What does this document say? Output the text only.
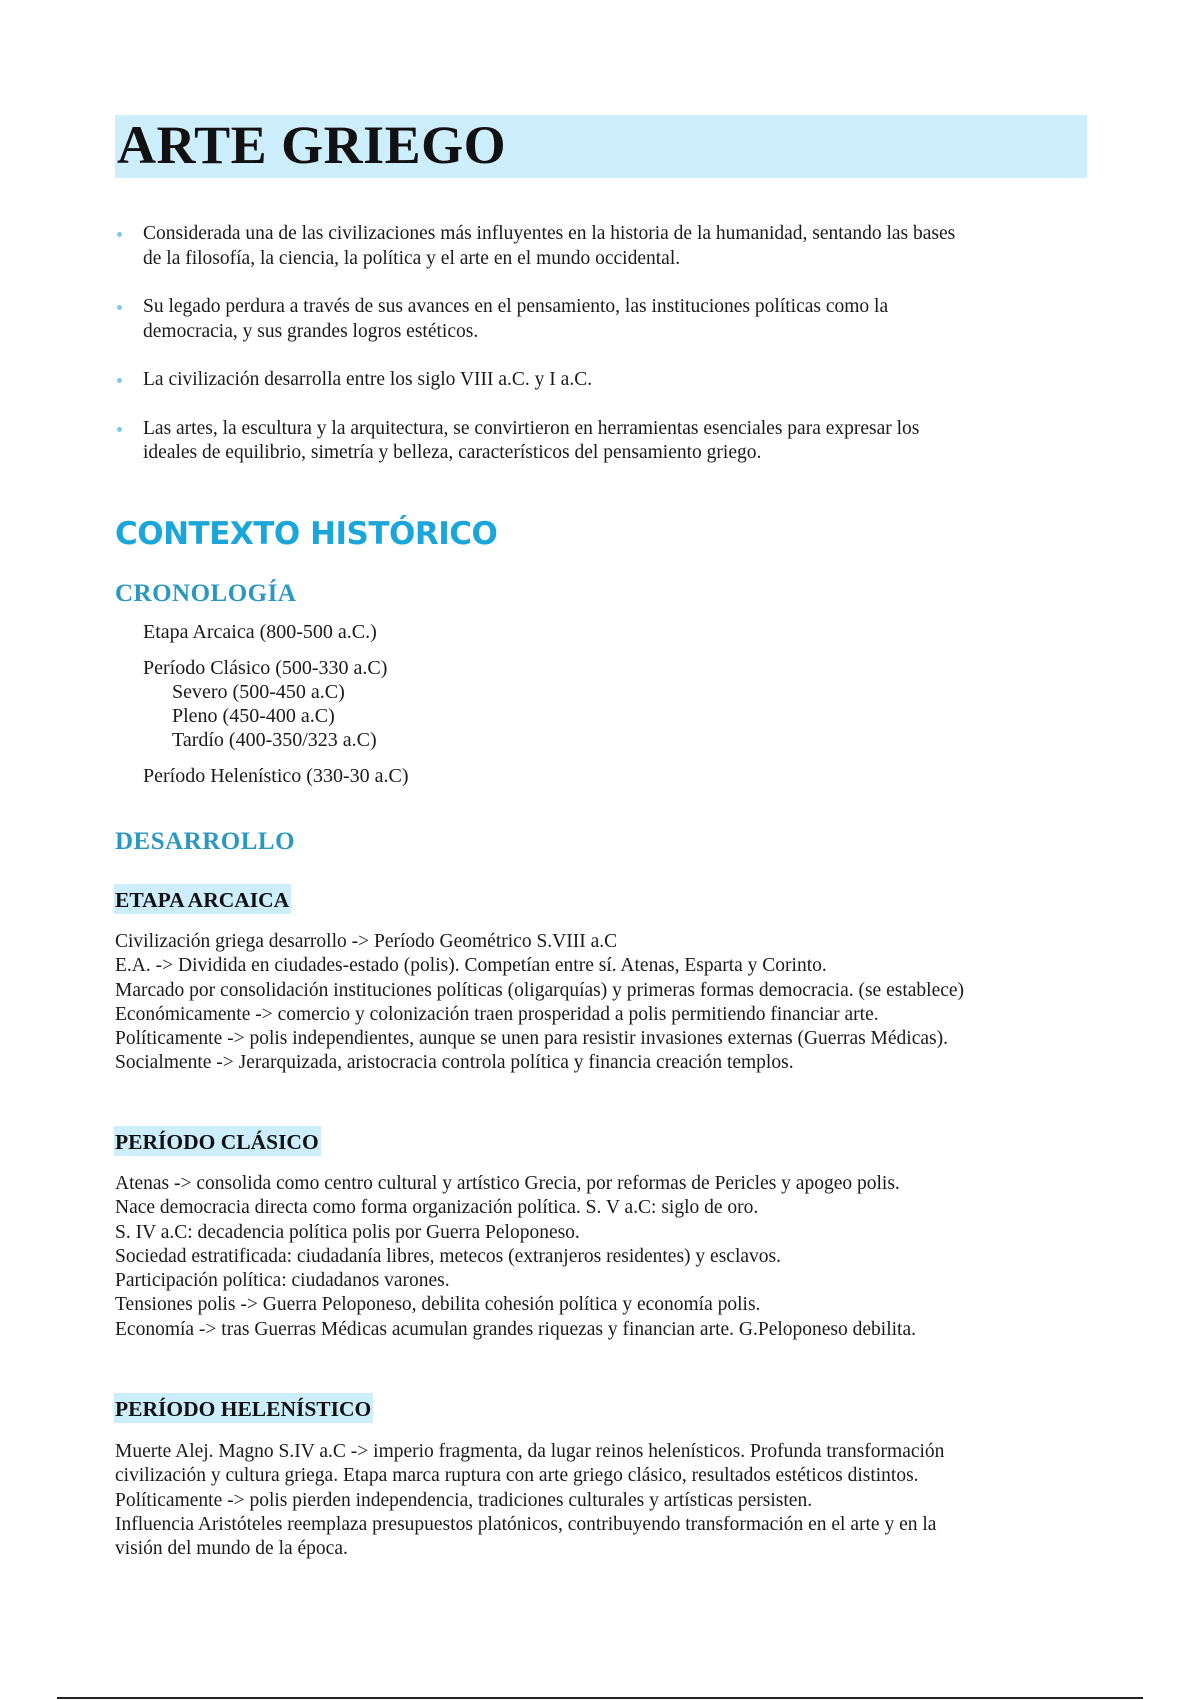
ARTE GRIEGO
Considerada una de las civilizaciones más influyentes en la historia de la humanidad, sentando las bases
de la filosofía, la ciencia, la política y el arte en el mundo occidental.
Su legado perdura a través de sus avances en el pensamiento, las instituciones políticas como la
democracia, y sus grandes logros estéticos.
La civilización desarrolla entre los siglo VIII a.C. y I a.C.
Las artes, la escultura y la arquitectura, se convirtieron en herramientas esenciales para expresar los
ideales de equilibrio, simetría y belleza, característicos del pensamiento griego.
CONTEXTO HISTÓRICO
CRONOLOGÍA
Etapa Arcaica (800-500 a.C.)
Período Clásico (500-330 a.C)
Severo (500-450 a.C)
Pleno (450-400 a.C)
Tardío (400-350/323 a.C)
Período Helenístico (330-30 a.C)
DESARROLLO
ETAPA ARCAICA
Civilización griega desarrollo -> Período Geométrico S.VIII a.C
E.A. -> Dividida en ciudades-estado (polis). Competían entre sí. Atenas, Esparta y Corinto.
Marcado por consolidación instituciones políticas (oligarquías) y primeras formas democracia. (se establece)
Económicamente -> comercio y colonización traen prosperidad a polis permitiendo financiar arte.
Políticamente -> polis independientes, aunque se unen para resistir invasiones externas (Guerras Médicas).
Socialmente -> Jerarquizada, aristocracia controla política y financia creación templos.
PERÍODO CLÁSICO
Atenas -> consolida como centro cultural y artístico Grecia, por reformas de Pericles y apogeo polis.
Nace democracia directa como forma organización política. S. V a.C: siglo de oro.
S. IV a.C: decadencia política polis por Guerra Peloponeso.
Sociedad estratificada: ciudadanía libres, metecos (extranjeros residentes) y esclavos.
Participación política: ciudadanos varones.
Tensiones polis -> Guerra Peloponeso, debilita cohesión política y economía polis.
Economía -> tras Guerras Médicas acumulan grandes riquezas y financian arte. G.Peloponeso debilita.
PERÍODO HELENÍSTICO
Muerte Alej. Magno S.IV a.C -> imperio fragmenta, da lugar reinos helenísticos. Profunda transformación
civilización y cultura griega. Etapa marca ruptura con arte griego clásico, resultados estéticos distintos.
Políticamente -> polis pierden independencia, tradiciones culturales y artísticas persisten.
Influencia Aristóteles reemplaza presupuestos platónicos, contribuyendo transformación en el arte y en la
visión del mundo de la época.
